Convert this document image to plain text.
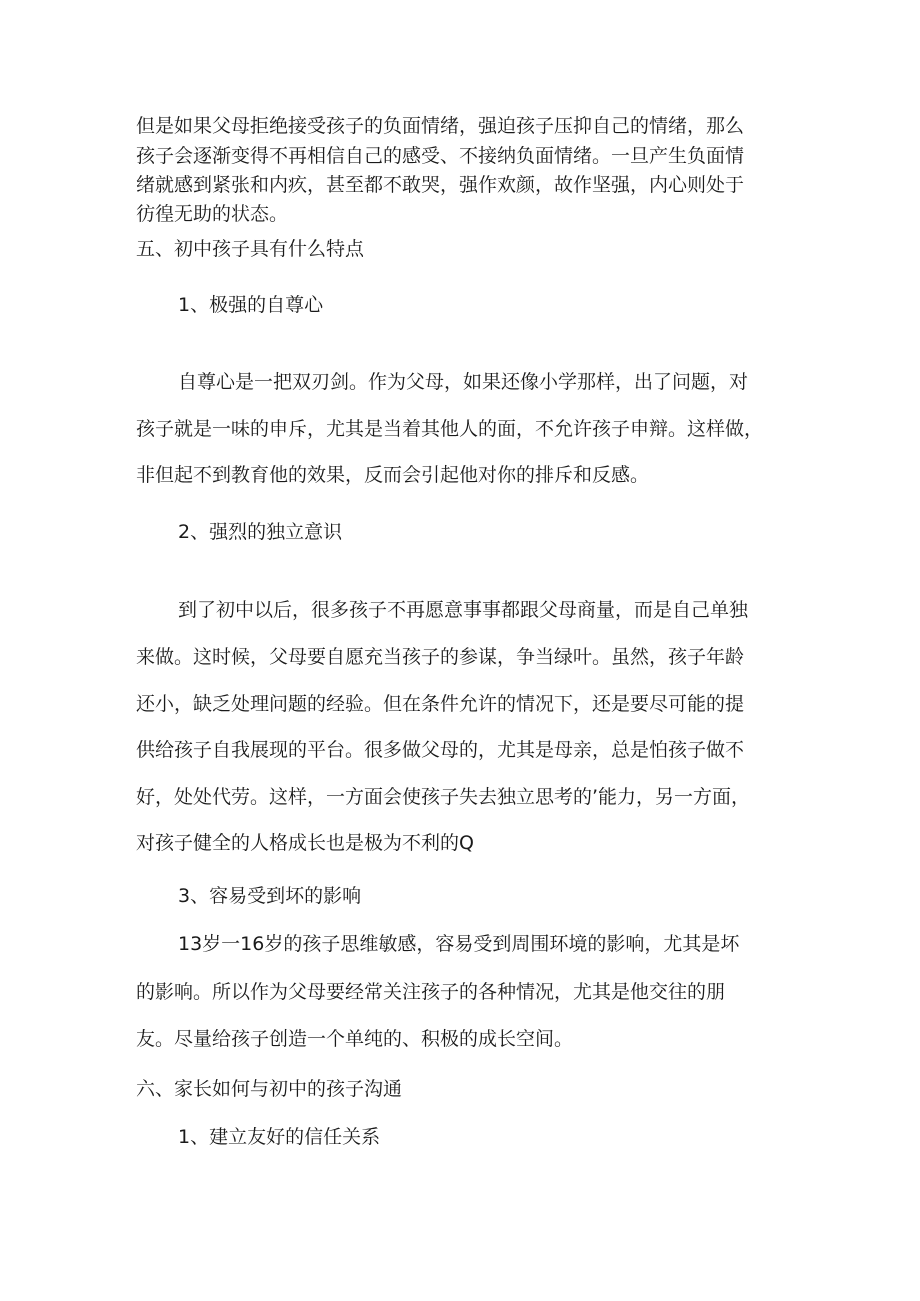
但是如果父母拒绝接受孩子的负面情绪，强迫孩子压抑自己的情绪，那么
孩子会逐渐变得不再相信自己的感受、不接纳负面情绪。一旦产生负面情
绪就感到紧张和内疚，甚至都不敢哭，强作欢颜，故作坚强，内心则处于
彷徨无助的状态。
五、初中孩子具有什么特点
1、极强的自尊心
自尊心是一把双刃剑。作为父母，如果还像小学那样，出了问题，对
孩子就是一味的申斥，尤其是当着其他人的面，不允许孩子申辩。这样做，
非但起不到教育他的效果，反而会引起他对你的排斥和反感。
2、强烈的独立意识
到了初中以后，很多孩子不再愿意事事都跟父母商量，而是自己单独
来做。这时候，父母要自愿充当孩子的参谋，争当绿叶。虽然，孩子年龄
还小，缺乏处理问题的经验。但在条件允许的情况下，还是要尽可能的提
供给孩子自我展现的平台。很多做父母的，尤其是母亲，总是怕孩子做不
好，处处代劳。这样，一方面会使孩子失去独立思考的’能力，另一方面，
对孩子健全的人格成长也是极为不利的Q
3、容易受到坏的影响
13岁一16岁的孩子思维敏感，容易受到周围环境的影响，尤其是坏
的影响。所以作为父母要经常关注孩子的各种情况，尤其是他交往的朋
友。尽量给孩子创造一个单纯的、积极的成长空间。
六、家长如何与初中的孩子沟通
1、建立友好的信任关系
